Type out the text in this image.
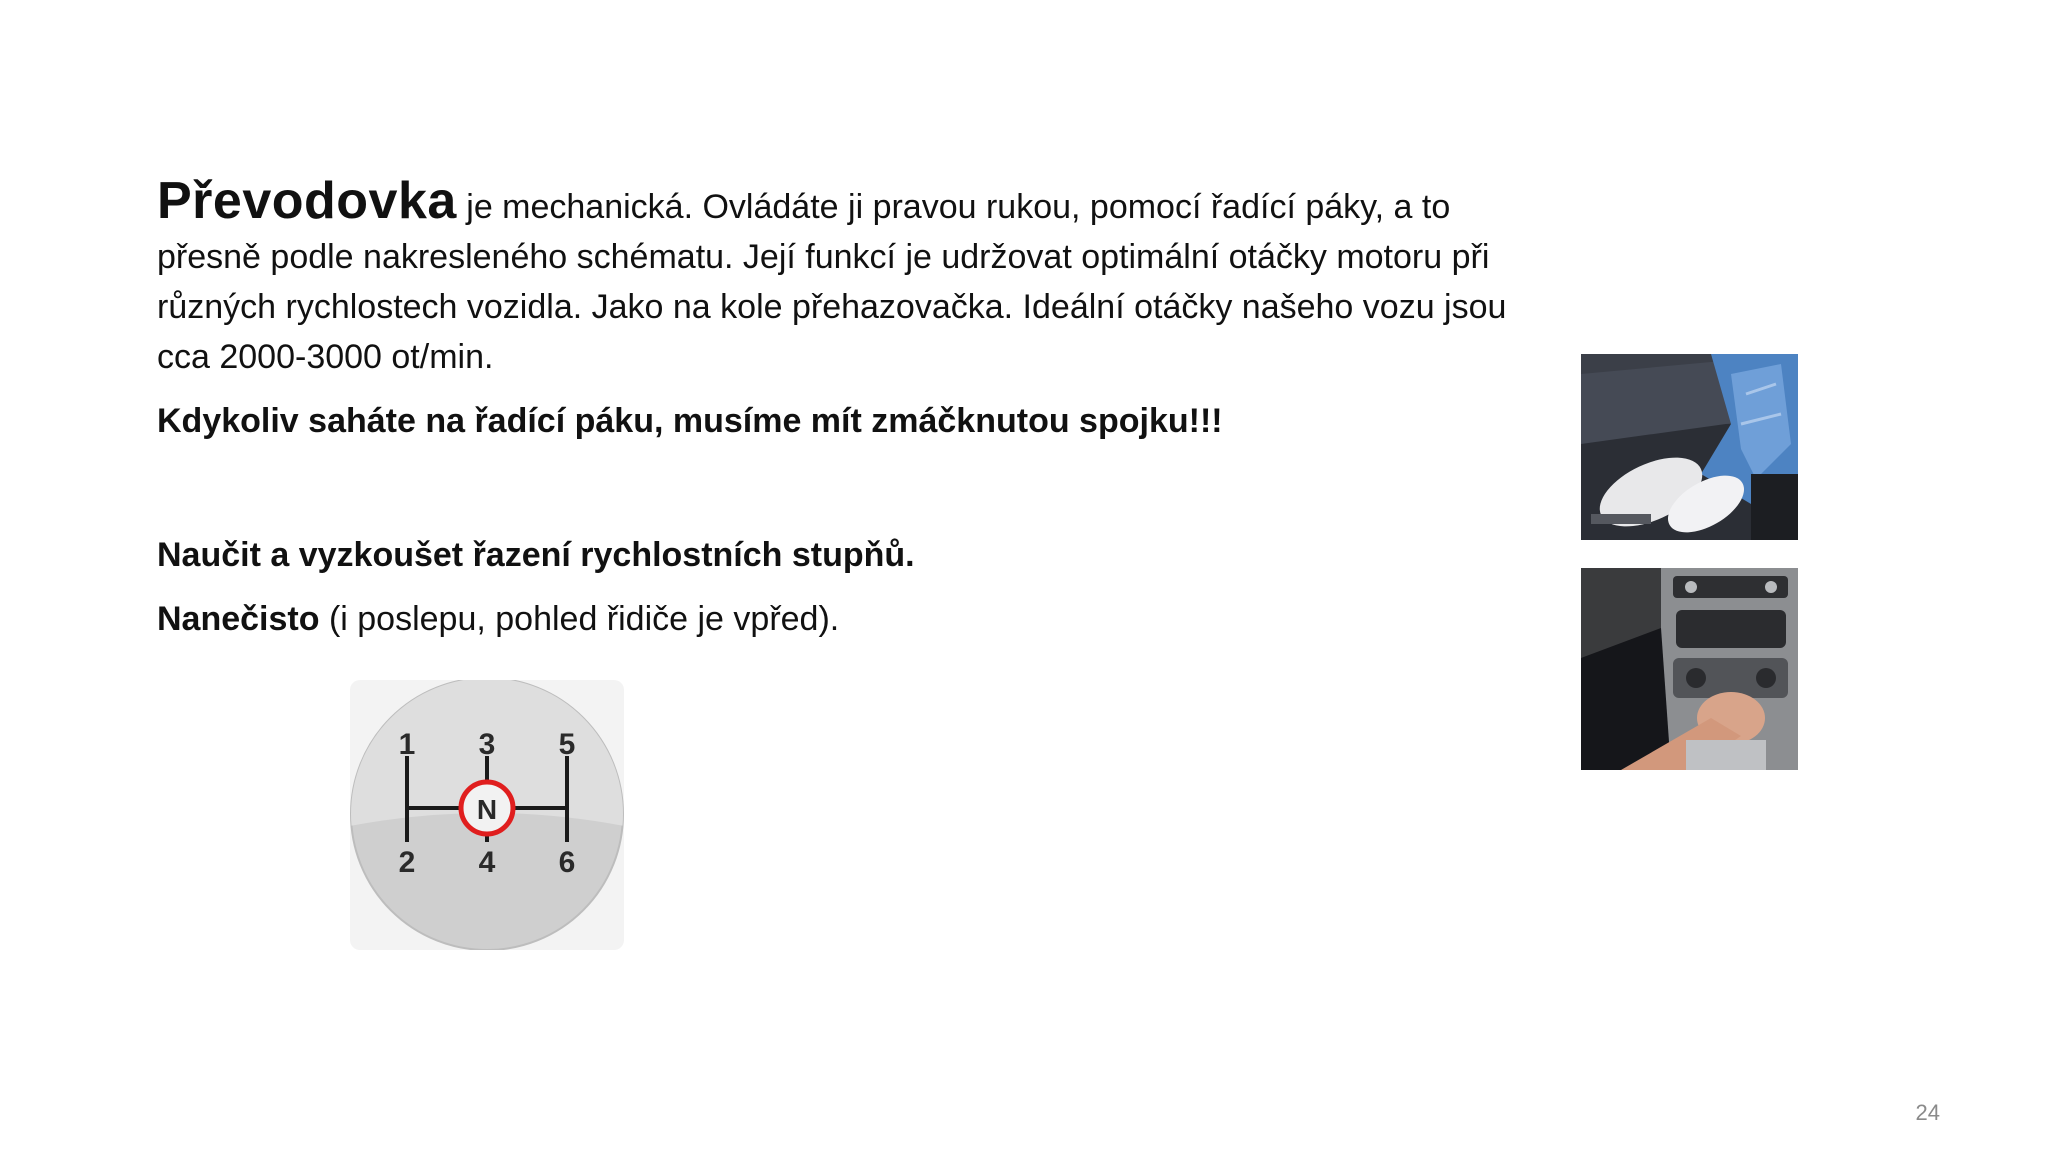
Převodovka je mechanická. Ovládáte ji pravou rukou, pomocí řadící páky, a to přesně podle nakresleného schématu. Její funkcí je udržovat optimální otáčky motoru při různých rychlostech vozidla. Jako na kole přehazovačka. Ideální otáčky našeho vozu jsou cca 2000-3000 ot/min.

Kdykoliv saháte na řadící páku, musíme mít zmáčknutou spojku!!!

Naučit a vyzkoušet řazení rychlostních stupňů.

Nanečisto (i poslepu, pohled řidiče je vpřed).

1 3 5
N
2 4 6
24
